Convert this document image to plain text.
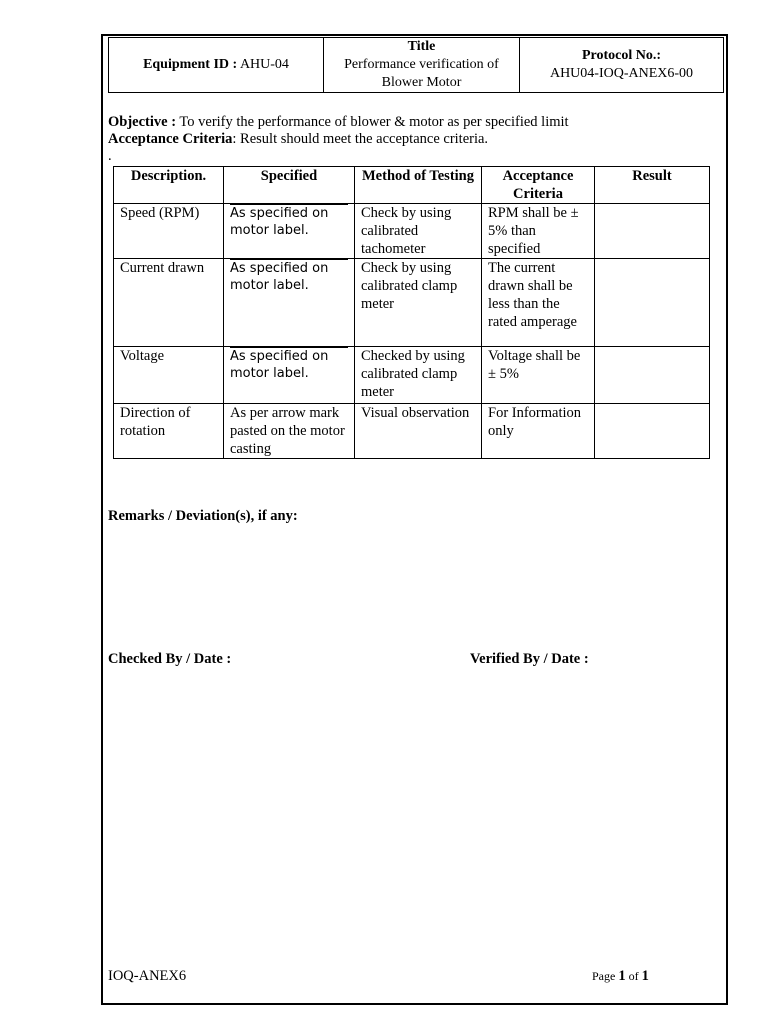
Equipment ID : AHU-04	
Title
Performance verification of Blower Motor

Protocol No.:
AHU04-IOQ-ANEX6-00
Objective : To verify the performance of blower & motor as per specified limit
Acceptance Criteria: Result should meet the acceptance criteria.
.
Description.	Specified	Method of Testing	Acceptance Criteria	Result
Speed (RPM)	As specified on motor label.	Check by using calibrated tachometer	RPM shall be ± 5% than specified	
Current drawn	As specified on motor label.	Check by using calibrated clamp meter	The current drawn shall be less than the rated amperage	
Voltage	As specified on motor label.	Checked by using calibrated clamp meter	Voltage shall be ± 5%	
Direction of rotation	As per arrow mark pasted on the motor casting	Visual observation	For Information only	
Remarks / Deviation(s), if any:
Checked By / Date :	Verified By / Date :
IOQ-ANEX6	Page 1 of 1
